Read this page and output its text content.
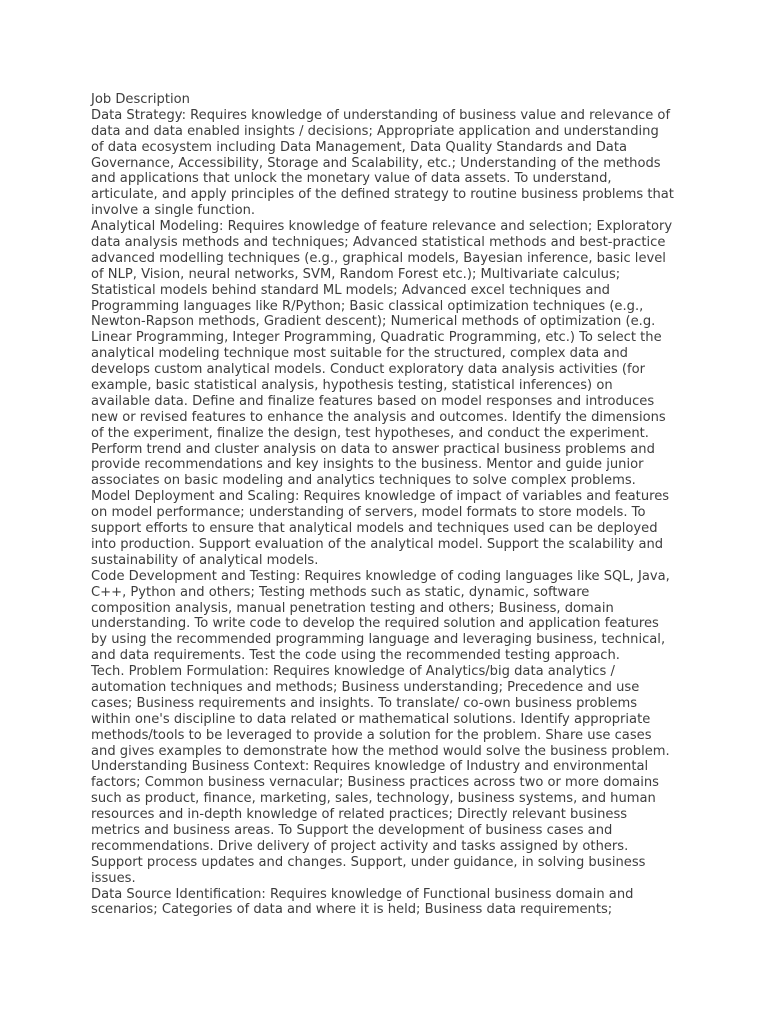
Job Description
Data Strategy: Requires knowledge of understanding of business value and relevance of
data and data enabled insights / decisions; Appropriate application and understanding
of data ecosystem including Data Management, Data Quality Standards and Data
Governance, Accessibility, Storage and Scalability, etc.; Understanding of the methods
and applications that unlock the monetary value of data assets. To understand,
articulate, and apply principles of the defined strategy to routine business problems that
involve a single function.
Analytical Modeling: Requires knowledge of feature relevance and selection; Exploratory
data analysis methods and techniques; Advanced statistical methods and best-practice
advanced modelling techniques (e.g., graphical models, Bayesian inference, basic level
of NLP, Vision, neural networks, SVM, Random Forest etc.); Multivariate calculus;
Statistical models behind standard ML models; Advanced excel techniques and
Programming languages like R/Python; Basic classical optimization techniques (e.g.,
Newton-Rapson methods, Gradient descent); Numerical methods of optimization (e.g.
Linear Programming, Integer Programming, Quadratic Programming, etc.) To select the
analytical modeling technique most suitable for the structured, complex data and
develops custom analytical models. Conduct exploratory data analysis activities (for
example, basic statistical analysis, hypothesis testing, statistical inferences) on
available data. Define and finalize features based on model responses and introduces
new or revised features to enhance the analysis and outcomes. Identify the dimensions
of the experiment, finalize the design, test hypotheses, and conduct the experiment.
Perform trend and cluster analysis on data to answer practical business problems and
provide recommendations and key insights to the business. Mentor and guide junior
associates on basic modeling and analytics techniques to solve complex problems.
Model Deployment and Scaling: Requires knowledge of impact of variables and features
on model performance; understanding of servers, model formats to store models. To
support efforts to ensure that analytical models and techniques used can be deployed
into production. Support evaluation of the analytical model. Support the scalability and
sustainability of analytical models.
Code Development and Testing: Requires knowledge of coding languages like SQL, Java,
C++, Python and others; Testing methods such as static, dynamic, software
composition analysis, manual penetration testing and others; Business, domain
understanding. To write code to develop the required solution and application features
by using the recommended programming language and leveraging business, technical,
and data requirements. Test the code using the recommended testing approach.
Tech. Problem Formulation: Requires knowledge of Analytics/big data analytics /
automation techniques and methods; Business understanding; Precedence and use
cases; Business requirements and insights. To translate/ co-own business problems
within one's discipline to data related or mathematical solutions. Identify appropriate
methods/tools to be leveraged to provide a solution for the problem. Share use cases
and gives examples to demonstrate how the method would solve the business problem.
Understanding Business Context: Requires knowledge of Industry and environmental
factors; Common business vernacular; Business practices across two or more domains
such as product, finance, marketing, sales, technology, business systems, and human
resources and in-depth knowledge of related practices; Directly relevant business
metrics and business areas. To Support the development of business cases and
recommendations. Drive delivery of project activity and tasks assigned by others.
Support process updates and changes. Support, under guidance, in solving business
issues.
Data Source Identification: Requires knowledge of Functional business domain and
scenarios; Categories of data and where it is held; Business data requirements;
